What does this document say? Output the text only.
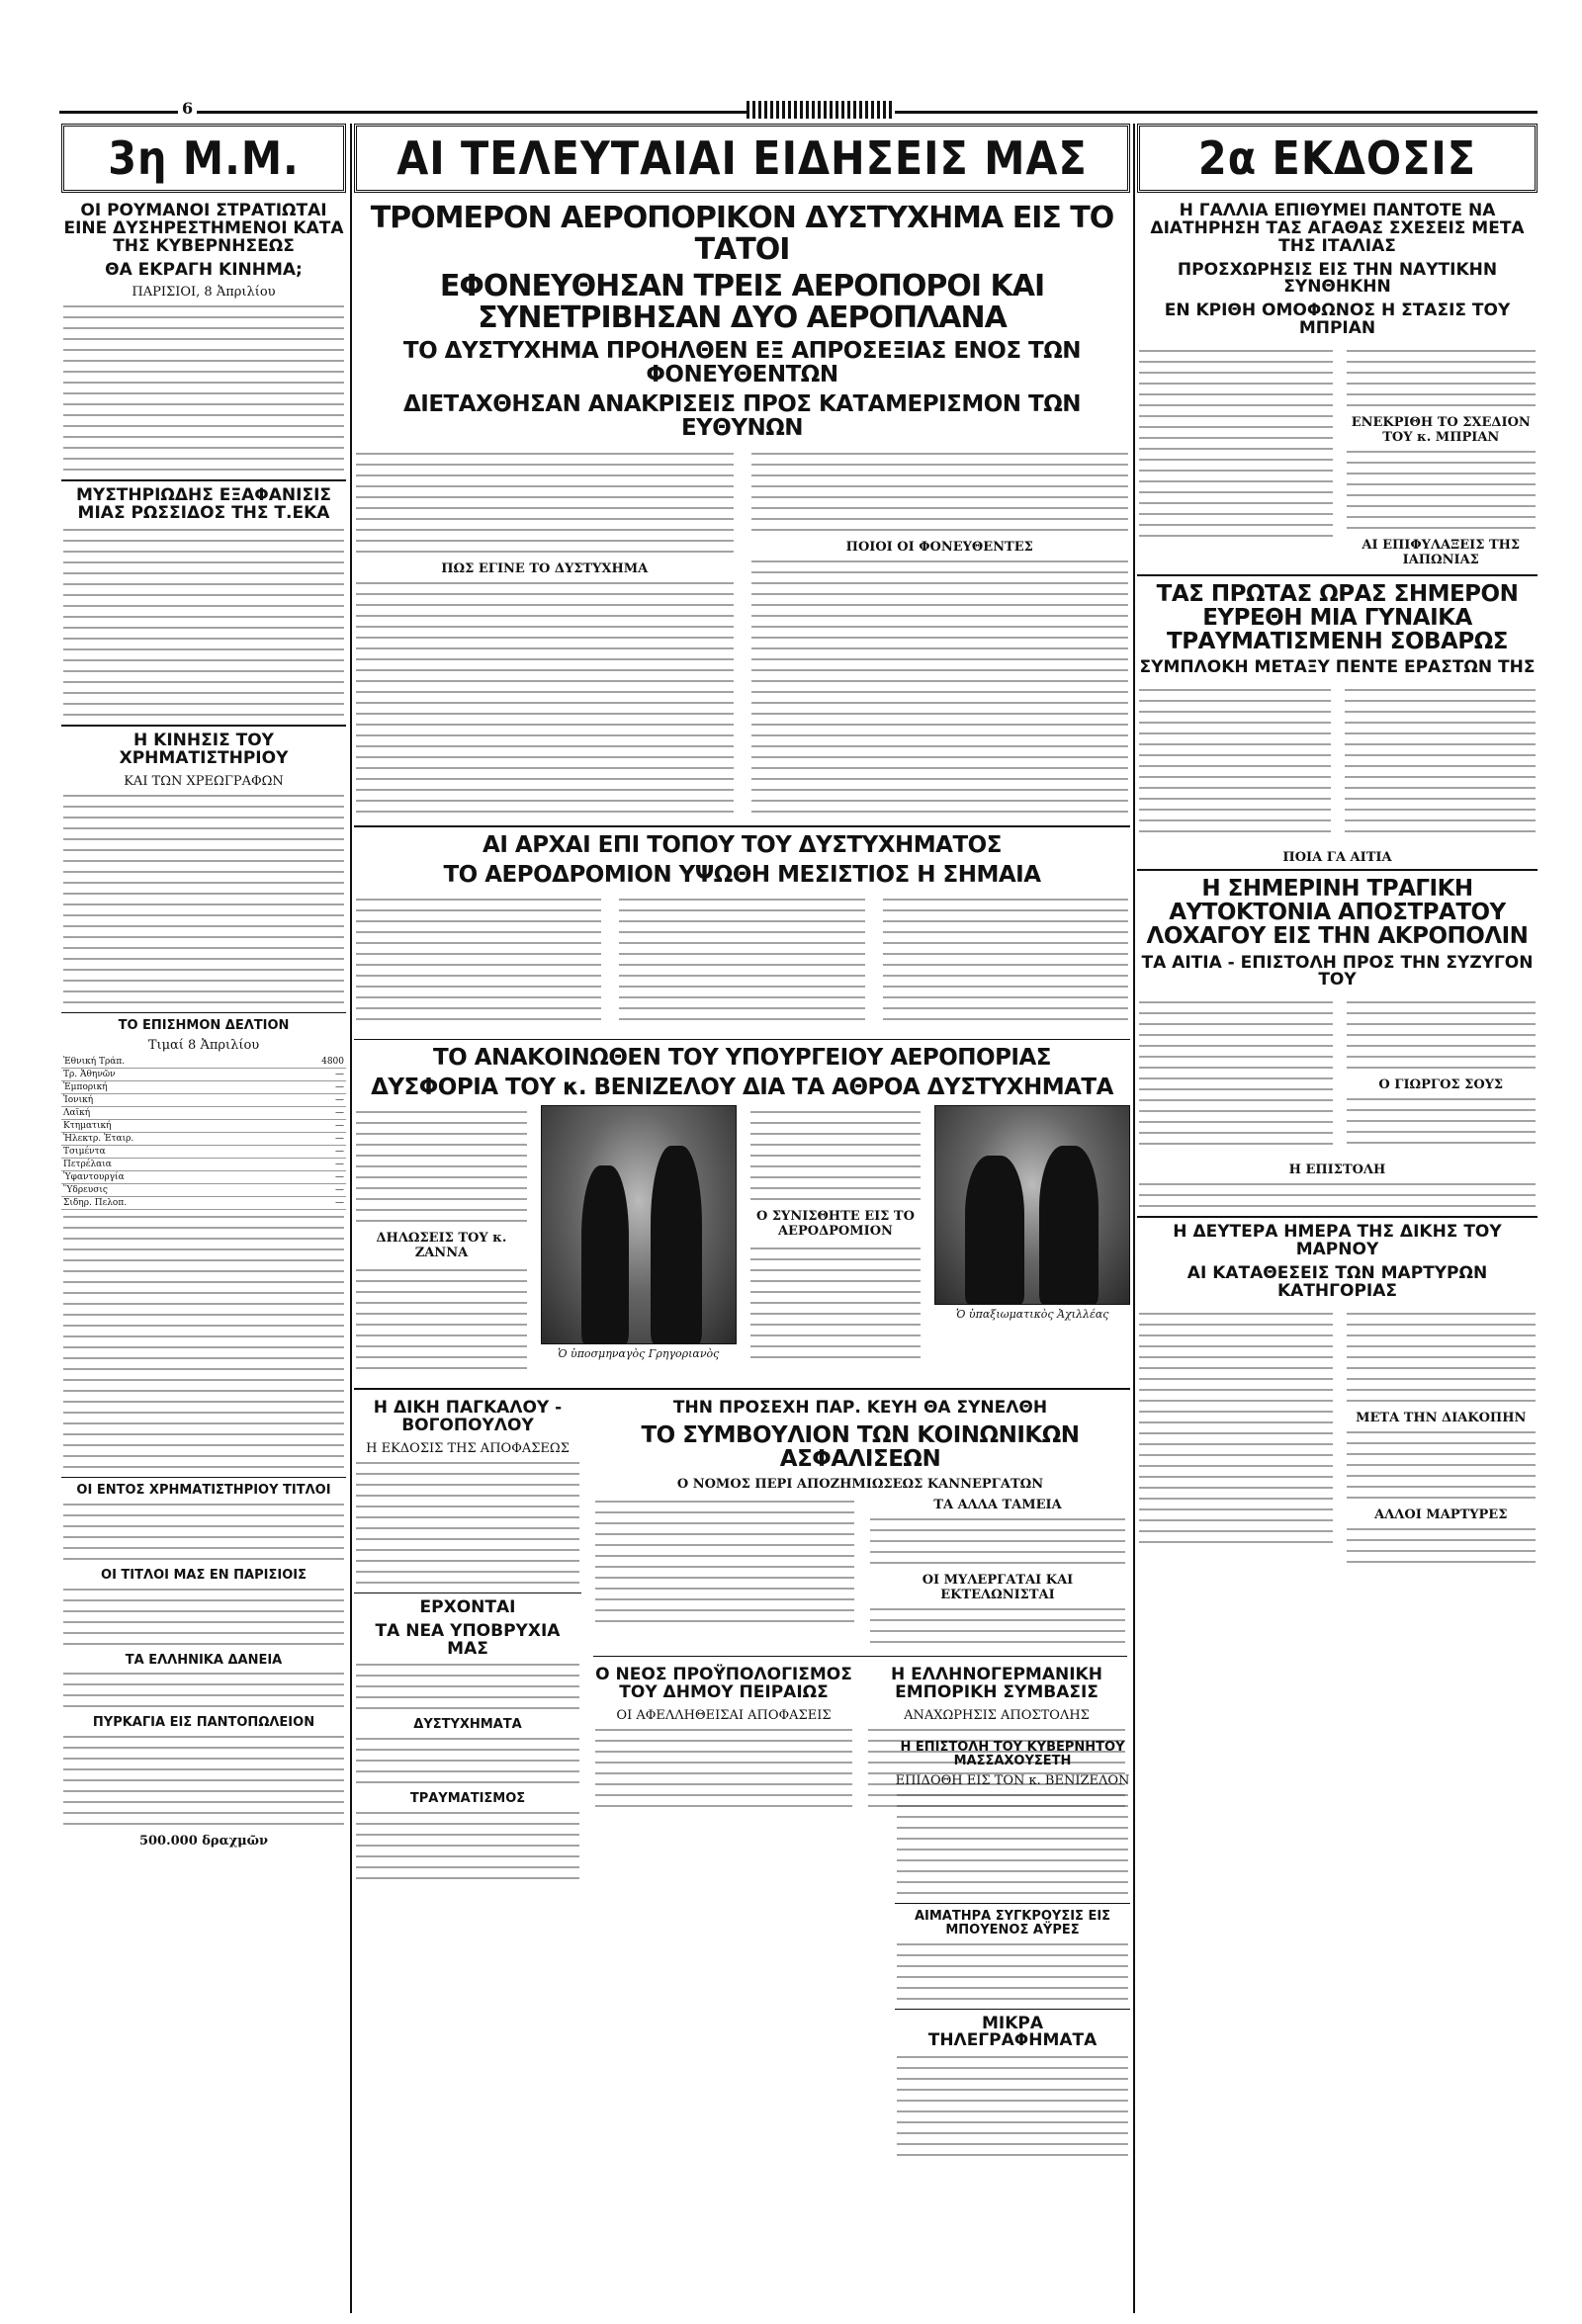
6
3η Μ.Μ.
ΟΙ ΡΟΥΜΑΝΟΙ ΣΤΡΑΤΙΩΤΑΙ ΕΙΝΕ ΔΥΣΗΡΕΣΤΗΜΕΝΟΙ ΚΑΤΑ ΤΗΣ ΚΥΒΕΡΝΗΣΕΩΣ
ΘΑ ΕΚΡΑΓΗ ΚΙΝΗΜΑ;
ΠΑΡΙΣΙΟΙ, 8 Ἀπριλίου
ΜΥΣΤΗΡΙΩΔΗΣ ΕΞΑΦΑΝΙΣΙΣ ΜΙΑΣ ΡΩΣΣΙΔΟΣ ΤΗΣ Τ.ΕΚΑ
Η ΚΙΝΗΣΙΣ ΤΟΥ ΧΡΗΜΑΤΙΣΤΗΡΙΟΥ
ΚΑΙ ΤΩΝ ΧΡΕΩΓΡΑΦΩΝ
ΤΟ ΕΠΙΣΗΜΟΝ ΔΕΛΤΙΟΝ
Τιμαί 8 Ἀπριλίου
Ἐθνική Τράπ.	4800
Τρ. Ἀθηνῶν	—
Ἐμπορική	—
Ἰονική	—
Λαϊκή	—
Κτηματική	—
Ἠλεκτρ. Ἑταιρ.	—
Τσιμέντα	—
Πετρέλαια	—
Ὑφαντουργία	—
Ὕδρευσις	—
Σιδηρ. Πελοπ.	—
ΟΙ ΕΝΤΟΣ ΧΡΗΜΑΤΙΣΤΗΡΙΟΥ ΤΙΤΛΟΙ
ΟΙ ΤΙΤΛΟΙ ΜΑΣ ΕΝ ΠΑΡΙΣΙΟΙΣ
ΤΑ ΕΛΛΗΝΙΚΑ ΔΑΝΕΙΑ
ΠΥΡΚΑΓΙΑ ΕΙΣ ΠΑΝΤΟΠΩΛΕΙΟΝ
500.000 δραχμῶν
ΑΙ ΤΕΛΕΥΤΑΙΑΙ ΕΙΔΗΣΕΙΣ ΜΑΣ
ΤΡΟΜΕΡΟΝ ΑΕΡΟΠΟΡΙΚΟΝ ΔΥΣΤΥΧΗΜΑ ΕΙΣ ΤΟ ΤΑΤΟΙ
ΕΦΟΝΕΥΘΗΣΑΝ ΤΡΕΙΣ ΑΕΡΟΠΟΡΟΙ ΚΑΙ ΣΥΝΕΤΡΙΒΗΣΑΝ ΔΥΟ ΑΕΡΟΠΛΑΝΑ
ΤΟ ΔΥΣΤΥΧΗΜΑ ΠΡΟΗΛΘΕΝ ΕΞ ΑΠΡΟΣΕΞΙΑΣ ΕΝΟΣ ΤΩΝ ΦΟΝΕΥΘΕΝΤΩΝ
ΔΙΕΤΑΧΘΗΣΑΝ ΑΝΑΚΡΙΣΕΙΣ ΠΡΟΣ ΚΑΤΑΜΕΡΙΣΜΟΝ ΤΩΝ ΕΥΘΥΝΩΝ
ΠΩΣ ΕΓΙΝΕ ΤΟ ΔΥΣΤΥΧΗΜΑ
ΠΟΙΟΙ ΟΙ ΦΟΝΕΥΘΕΝΤΕΣ
ΑΙ ΑΡΧΑΙ ΕΠΙ ΤΟΠΟΥ ΤΟΥ ΔΥΣΤΥΧΗΜΑΤΟΣ
ΤΟ ΑΕΡΟΔΡΟΜΙΟΝ ΥΨΩΘΗ ΜΕΣΙΣΤΙΟΣ Η ΣΗΜΑΙΑ
ΤΟ ΑΝΑΚΟΙΝΩΘΕΝ ΤΟΥ ΥΠΟΥΡΓΕΙΟΥ ΑΕΡΟΠΟΡΙΑΣ
ΔΥΣΦΟΡΙΑ ΤΟΥ κ. ΒΕΝΙΖΕΛΟΥ ΔΙΑ ΤΑ ΑΘΡΟΑ ΔΥΣΤΥΧΗΜΑΤΑ
ΔΗΛΩΣΕΙΣ ΤΟΥ κ. ΖΑΝΝΑ
Ὁ ὑποσμηναγὸς Γρηγοριανὸς
Ο ΣΥΝΙΣΘΗΤΕ ΕΙΣ ΤΟ ΑΕΡΟΔΡΟΜΙΟΝ
Ὁ ὑπαξιωματικὸς Ἀχιλλέας
Η ΔΙΚΗ ΠΑΓΚΑΛΟΥ - ΒΟΓΟΠΟΥΛΟΥ
Η ΕΚΔΟΣΙΣ ΤΗΣ ΑΠΟΦΑΣΕΩΣ
ΕΡΧΟΝΤΑΙ
ΤΑ ΝΕΑ ΥΠΟΒΡΥΧΙΑ ΜΑΣ
ΔΥΣΤΥΧΗΜΑΤΑ
ΤΡΑΥΜΑΤΙΣΜΟΣ
ΤΗΝ ΠΡΟΣΕΧΗ ΠΑΡ. ΚΕΥΗ ΘΑ ΣΥΝΕΛΘΗ
ΤΟ ΣΥΜΒΟΥΛΙΟΝ ΤΩΝ ΚΟΙΝΩΝΙΚΩΝ ΑΣΦΑΛΙΣΕΩΝ
Ο ΝΟΜΟΣ ΠΕΡΙ ΑΠΟΖΗΜΙΩΣΕΩΣ ΚΑΝΝΕΡΓΑΤΩΝ
ΤΑ ΑΛΛΑ ΤΑΜΕΙΑ
ΟΙ ΜΥΛΕΡΓΑΤΑΙ ΚΑΙ ΕΚΤΕΛΩΝΙΣΤΑΙ
Ο ΝΕΟΣ ΠΡΟΫΠΟΛΟΓΙΣΜΟΣ ΤΟΥ ΔΗΜΟΥ ΠΕΙΡΑΙΩΣ
ΟΙ ΑΦΕΛΛΗΘΕΙΣΑΙ ΑΠΟΦΑΣΕΙΣ
Η ΕΛΛΗΝΟΓΕΡΜΑΝΙΚΗ ΕΜΠΟΡΙΚΗ ΣΥΜΒΑΣΙΣ
ΑΝΑΧΩΡΗΣΙΣ ΑΠΟΣΤΟΛΗΣ
2α ΕΚΔΟΣΙΣ
Η ΓΑΛΛΙΑ ΕΠΙΘΥΜΕΙ ΠΑΝΤΟΤΕ ΝΑ ΔΙΑΤΗΡΗΣΗ ΤΑΣ ΑΓΑΘΑΣ ΣΧΕΣΕΙΣ ΜΕΤΑ ΤΗΣ ΙΤΑΛΙΑΣ
ΠΡΟΣΧΩΡΗΣΙΣ ΕΙΣ ΤΗΝ ΝΑΥΤΙΚΗΝ ΣΥΝΘΗΚΗΝ
ΕΝ ΚΡΙΘΗ ΟΜΟΦΩΝΟΣ Η ΣΤΑΣΙΣ ΤΟΥ ΜΠΡΙΑΝ
ΕΝΕΚΡΙΘΗ ΤΟ ΣΧΕΔΙΟΝ ΤΟΥ κ. ΜΠΡΙΑΝ
ΑΙ ΕΠΙΦΥΛΑΞΕΙΣ ΤΗΣ ΙΑΠΩΝΙΑΣ
ΤΑΣ ΠΡΩΤΑΣ ΩΡΑΣ ΣΗΜΕΡΟΝ ΕΥΡΕΘΗ ΜΙΑ ΓΥΝΑΙΚΑ ΤΡΑΥΜΑΤΙΣΜΕΝΗ ΣΟΒΑΡΩΣ
ΣΥΜΠΛΟΚΗ ΜΕΤΑΞΥ ΠΕΝΤΕ ΕΡΑΣΤΩΝ ΤΗΣ
ΠΟΙΑ ΓΑ ΑΙΤΙΑ
Η ΣΗΜΕΡΙΝΗ ΤΡΑΓΙΚΗ ΑΥΤΟΚΤΟΝΙΑ ΑΠΟΣΤΡΑΤΟΥ ΛΟΧΑΓΟΥ ΕΙΣ ΤΗΝ ΑΚΡΟΠΟΛΙΝ
ΤΑ ΑΙΤΙΑ - ΕΠΙΣΤΟΛΗ ΠΡΟΣ ΤΗΝ ΣΥΖΥΓΟΝ ΤΟΥ
Ο ΓΙΩΡΓΟΣ ΣΟΥΣ
Η ΕΠΙΣΤΟΛΗ
Η ΔΕΥΤΕΡΑ ΗΜΕΡΑ ΤΗΣ ΔΙΚΗΣ ΤΟΥ ΜΑΡΝΟΥ
ΑΙ ΚΑΤΑΘΕΣΕΙΣ ΤΩΝ ΜΑΡΤΥΡΩΝ ΚΑΤΗΓΟΡΙΑΣ
ΜΕΤΑ ΤΗΝ ΔΙΑΚΟΠΗΝ
ΑΛΛΟΙ ΜΑΡΤΥΡΕΣ
Η ΕΠΙΣΤΟΛΗ ΤΟΥ ΚΥΒΕΡΝΗΤΟΥ ΜΑΣΣΑΧΟΥΣΕΤΗ
ΕΠΙΔΟΘΗ ΕΙΣ ΤΟΝ κ. ΒΕΝΙΖΕΛΟΝ
ΑΙΜΑΤΗΡΑ ΣΥΓΚΡΟΥΣΙΣ ΕΙΣ ΜΠΟΥΕΝΟΣ ΑΫΡΕΣ
ΜΙΚΡΑ ΤΗΛΕΓΡΑΦΗΜΑΤΑ
